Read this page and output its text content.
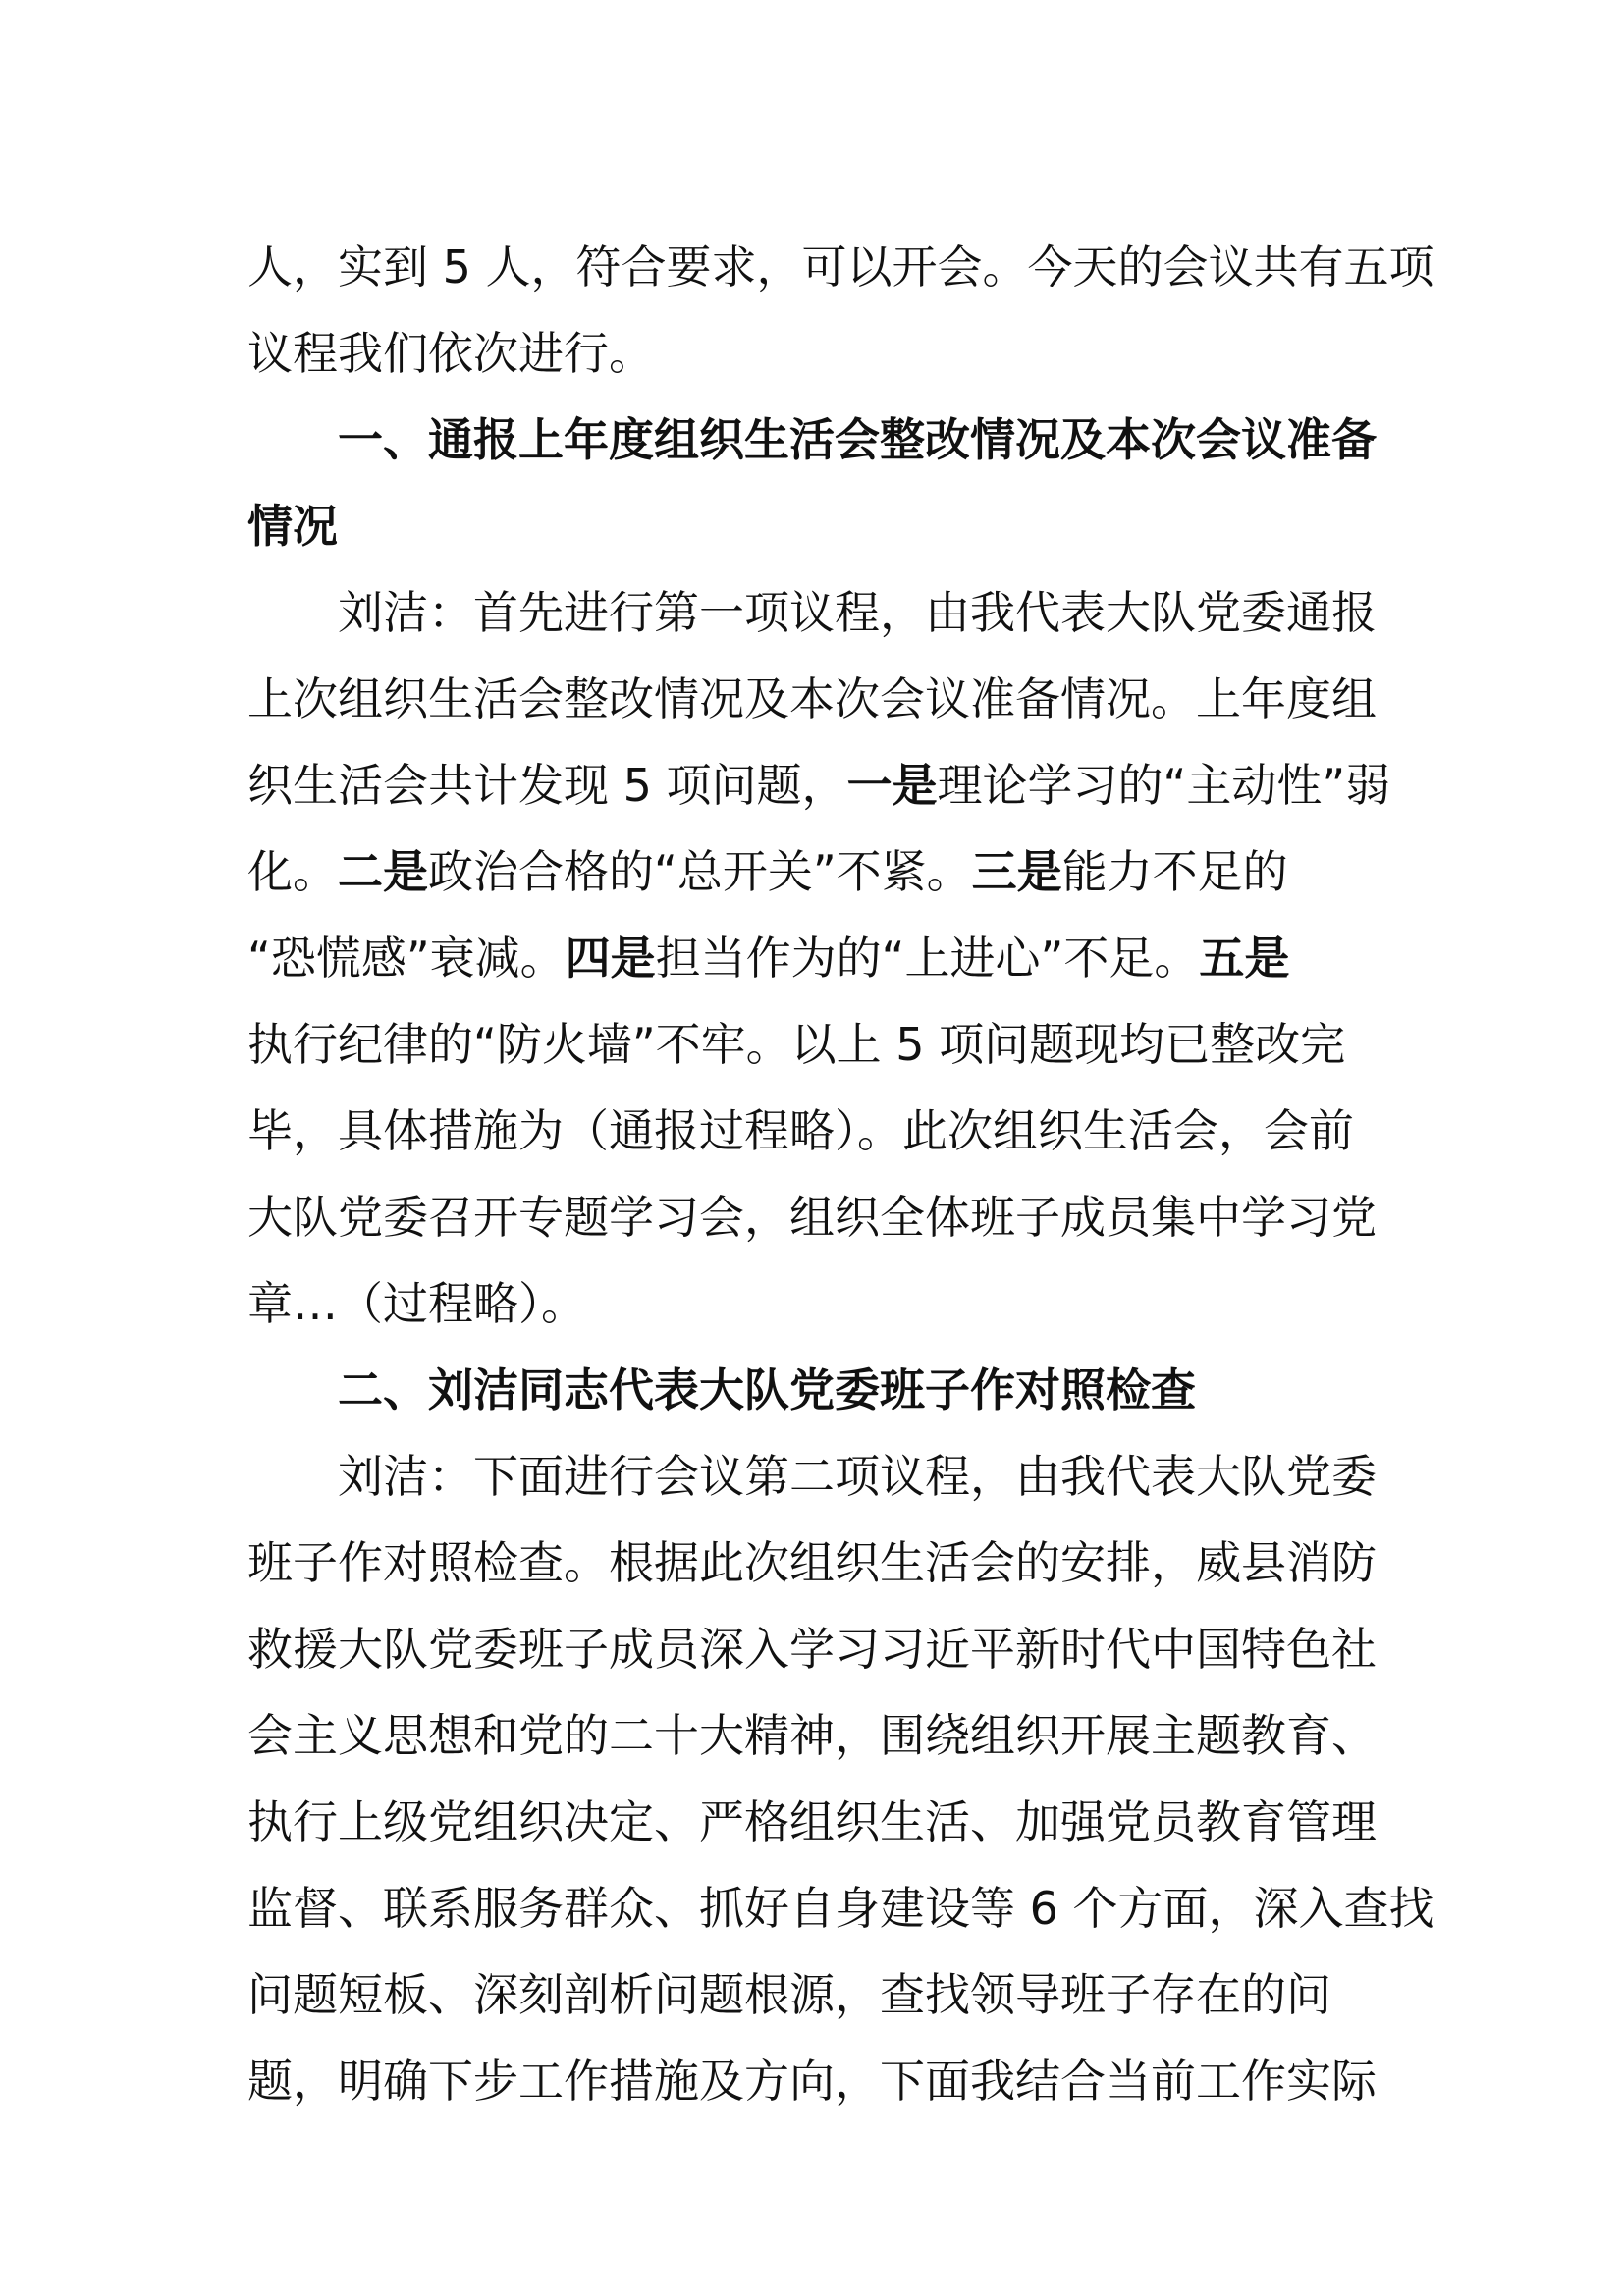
人，实到 5 人，符合要求，可以开会。今天的会议共有五项
议程我们依次进行。
一、通报上年度组织生活会整改情况及本次会议准备
情况
刘洁：首先进行第一项议程，由我代表大队党委通报
上次组织生活会整改情况及本次会议准备情况。上年度组
织生活会共计发现 5 项问题，一是理论学习的“主动性”弱
化。二是政治合格的“总开关”不紧。三是能力不足的
“恐慌感”衰减。四是担当作为的“上进心”不足。五是
执行纪律的“防火墙”不牢。以上 5 项问题现均已整改完
毕，具体措施为（通报过程略）。此次组织生活会，会前
大队党委召开专题学习会，组织全体班子成员集中学习党
章…（过程略）。
二、刘洁同志代表大队党委班子作对照检查
刘洁：下面进行会议第二项议程，由我代表大队党委
班子作对照检查。根据此次组织生活会的安排，威县消防
救援大队党委班子成员深入学习习近平新时代中国特色社
会主义思想和党的二十大精神，围绕组织开展主题教育、
执行上级党组织决定、严格组织生活、加强党员教育管理
监督、联系服务群众、抓好自身建设等 6 个方面，深入查找
问题短板、深刻剖析问题根源，查找领导班子存在的问
题，明确下步工作措施及方向，下面我结合当前工作实际
